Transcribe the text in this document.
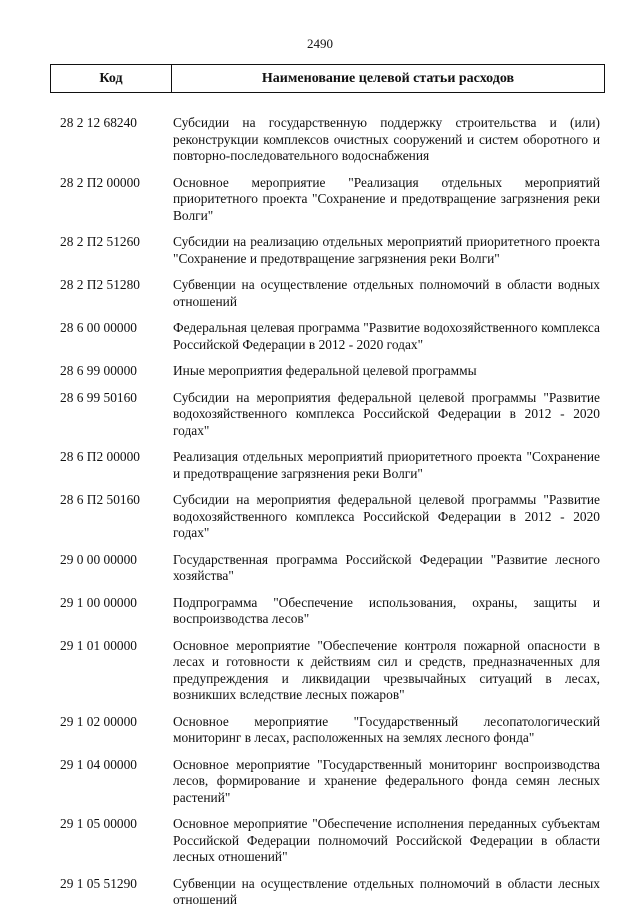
2490
Код	Наименование целевой статьи расходов
28 2 12 68240	Субсидии на государственную поддержку строительства и (или) реконструкции комплексов очистных сооружений и систем оборотного и повторно-последовательного водоснабжения
28 2 П2 00000	Основное мероприятие "Реализация отдельных мероприятий приоритетного проекта "Сохранение и предотвращение загрязнения реки Волги"
28 2 П2 51260	Субсидии на реализацию отдельных мероприятий приоритетного проекта "Сохранение и предотвращение загрязнения реки Волги"
28 2 П2 51280	Субвенции на осуществление отдельных полномочий в области водных отношений
28 6 00 00000	Федеральная целевая программа "Развитие водохозяйственного комплекса Российской Федерации в 2012 - 2020 годах"
28 6 99 00000	Иные мероприятия федеральной целевой программы
28 6 99 50160	Субсидии на мероприятия федеральной целевой программы "Развитие водохозяйственного комплекса Российской Федерации в 2012 - 2020 годах"
28 6 П2 00000	Реализация отдельных мероприятий приоритетного проекта "Сохранение и предотвращение загрязнения реки Волги"
28 6 П2 50160	Субсидии на мероприятия федеральной целевой программы "Развитие водохозяйственного комплекса Российской Федерации в 2012 - 2020 годах"
29 0 00 00000	Государственная программа Российской Федерации "Развитие лесного хозяйства"
29 1 00 00000	Подпрограмма "Обеспечение использования, охраны, защиты и воспроизводства лесов"
29 1 01 00000	Основное мероприятие "Обеспечение контроля пожарной опасности в лесах и готовности к действиям сил и средств, предназначенных для предупреждения и ликвидации чрезвычайных ситуаций в лесах, возникших вследствие лесных пожаров"
29 1 02 00000	Основное мероприятие "Государственный лесопатологический мониторинг в лесах, расположенных на землях лесного фонда"
29 1 04 00000	Основное мероприятие "Государственный мониторинг воспроизводства лесов, формирование и хранение федерального фонда семян лесных растений"
29 1 05 00000	Основное мероприятие "Обеспечение исполнения переданных субъектам Российской Федерации полномочий Российской Федерации в области лесных отношений"
29 1 05 51290	Субвенции на осуществление отдельных полномочий в области лесных отношений
